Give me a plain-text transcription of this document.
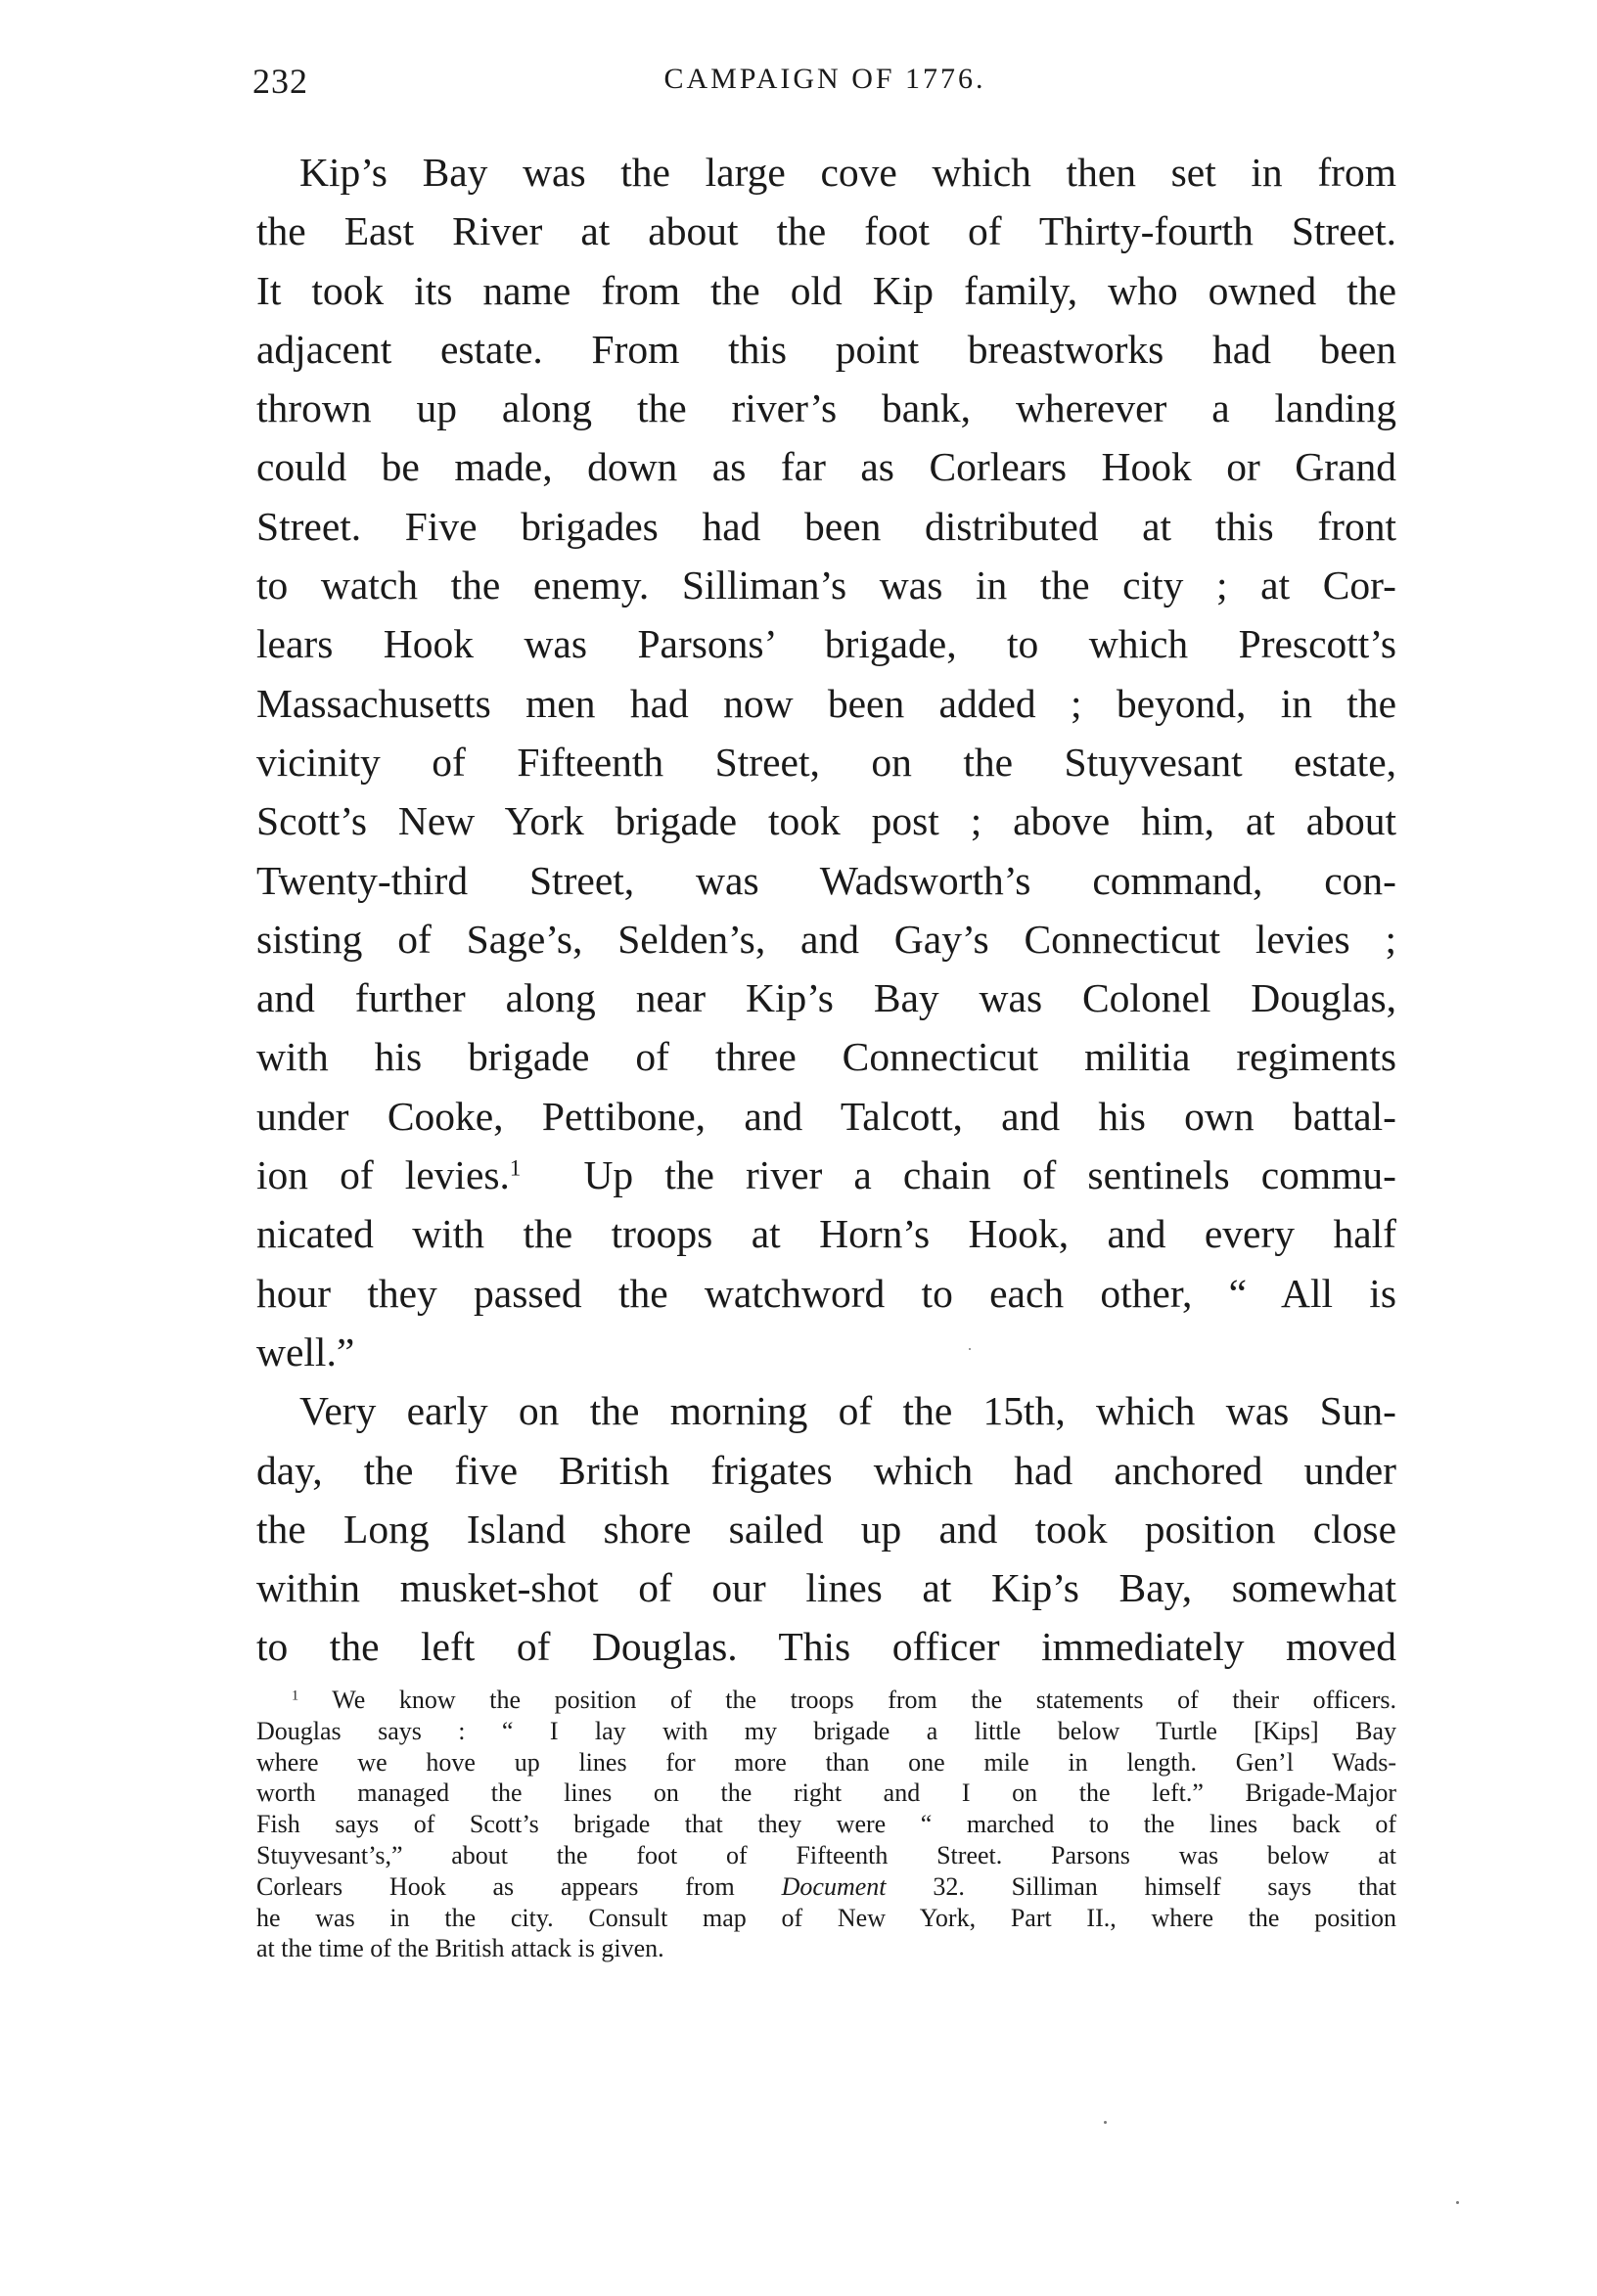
232	CAMPAIGN OF 1776.
Kip’s Bay was the large cove which then set in from
the East River at about the foot of Thirty-fourth Street.
It took its name from the old Kip family, who owned the
adjacent estate. From this point breastworks had been
thrown up along the river’s bank, wherever a landing
could be made, down as far as Corlears Hook or Grand
Street. Five brigades had been distributed at this front
to watch the enemy. Silliman’s was in the city ; at Cor-
lears Hook was Parsons’ brigade, to which Prescott’s
Massachusetts men had now been added ; beyond, in the
vicinity of Fifteenth Street, on the Stuyvesant estate,
Scott’s New York brigade took post ; above him, at about
Twenty-third Street, was Wadsworth’s command, con-
sisting of Sage’s, Selden’s, and Gay’s Connecticut levies ;
and further along near Kip’s Bay was Colonel Douglas,
with his brigade of three Connecticut militia regiments
under Cooke, Pettibone, and Talcott, and his own battal-
ion of levies.$^1$ Up the river a chain of sentinels commu-
nicated with the troops at Horn’s Hook, and every half
hour they passed the watchword to each other, “ All is
well.”
Very early on the morning of the 15th, which was Sun-
day, the five British frigates which had anchored under
the Long Island shore sailed up and took position close
within musket-shot of our lines at Kip’s Bay, somewhat
to the left of Douglas. This officer immediately moved
$^1$ We know the position of the troops from the statements of their officers.
Douglas says : “ I lay with my brigade a little below Turtle [Kips] Bay
where we hove up lines for more than one mile in length. Gen’l Wads-
worth managed the lines on the right and I on the left.” Brigade-Major
Fish says of Scott’s brigade that they were “ marched to the lines back of
Stuyvesant’s,” about the foot of Fifteenth Street. Parsons was below at
Corlears Hook as appears from Document 32. Silliman himself says that
he was in the city. Consult map of New York, Part II., where the position
at the time of the British attack is given.
